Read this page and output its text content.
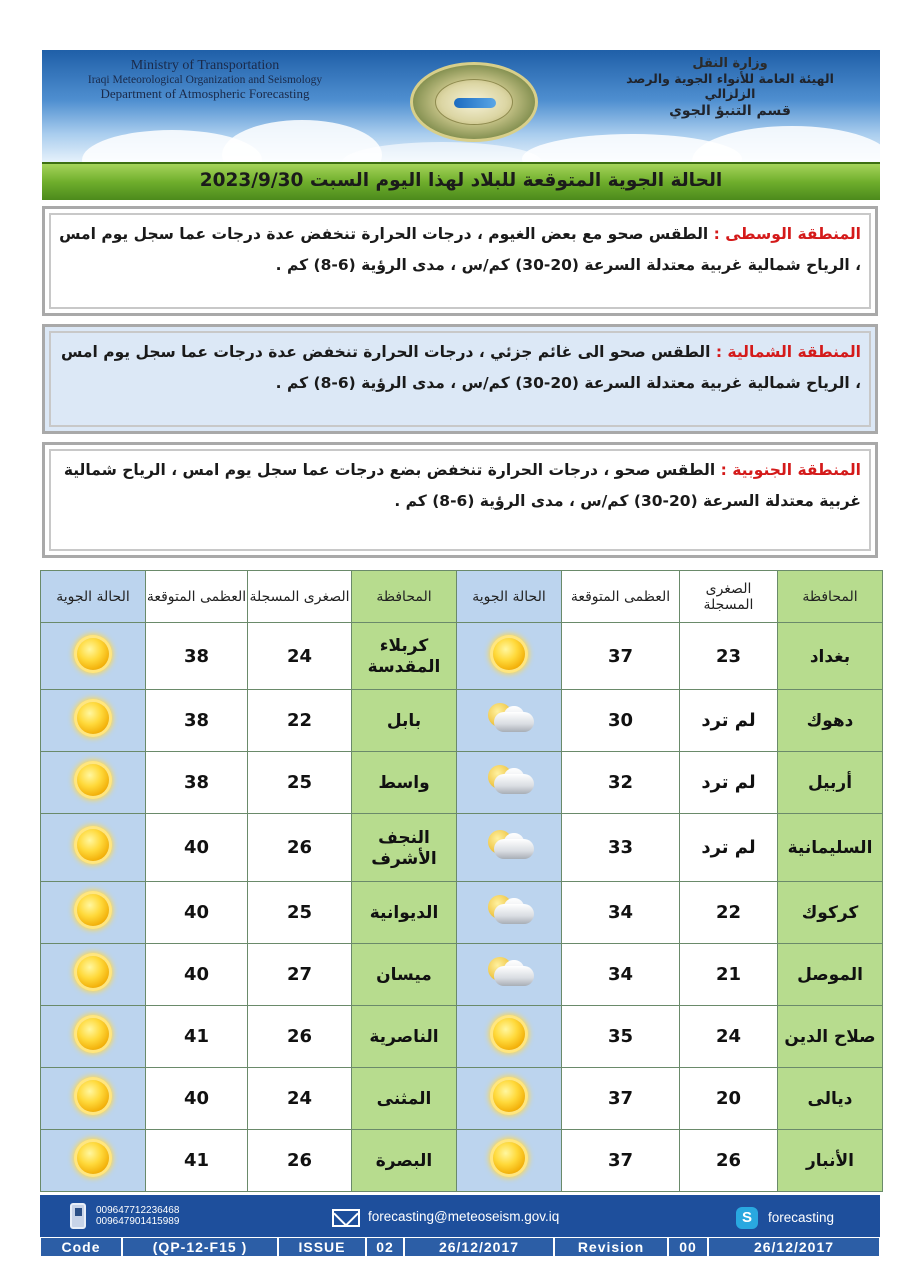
Ministry of Transportation
Iraqi Meteorological Organization and Seismology
Department of Atmospheric Forecasting
وزارة النقل
الهيئة العامة للأنواء الجوية والرصد الزلزالي
قسم التنبؤ الجوي
الحالة الجوية المتوقعة للبلاد لهذا اليوم السبت 2023/9/30
المنطقة الوسطى : الطقس صحو مع بعض الغيوم ، درجات الحرارة تنخفض عدة درجات عما سجل يوم امس ، الرياح شمالية غربية معتدلة السرعة (20-30) كم/س ، مدى الرؤية (6-8) كم .
المنطقة الشمالية : الطقس صحو الى غائم جزئي ، درجات الحرارة تنخفض عدة درجات عما سجل يوم امس ، الرياح شمالية غربية معتدلة السرعة (20-30) كم/س ، مدى الرؤية (6-8) كم .
المنطقة الجنوبية : الطقس صحو ، درجات الحرارة تنخفض بضع درجات عما سجل يوم امس ، الرياح شمالية غربية معتدلة السرعة (20-30) كم/س ، مدى الرؤية (6-8) كم .
المحافظة	الصغرى المسجلة	العظمى المتوقعة	الحالة الجوية	المحافظة	الصغرى المسجلة	العظمى المتوقعة	الحالة الجوية
بغداد	23	37		كربلاء المقدسة	24	38	

دهوك	لم ترد	30		بابل	22	38	

أربيل	لم ترد	32		واسط	25	38	

السليمانية	لم ترد	33		النجف الأشرف	26	40	

كركوك	22	34		الديوانية	25	40	

الموصل	21	34		ميسان	27	40	

صلاح الدين	24	35		الناصرية	26	41	

ديالى	20	37		المثنى	24	40	

الأنبار	26	37		البصرة	26	41	
009647712236468
009647901415989	forecasting@meteoseism.gov.iq	S	forecasting
Code	(QP-12-F15 )	ISSUE	02	26/12/2017	Revision	00	26/12/2017
